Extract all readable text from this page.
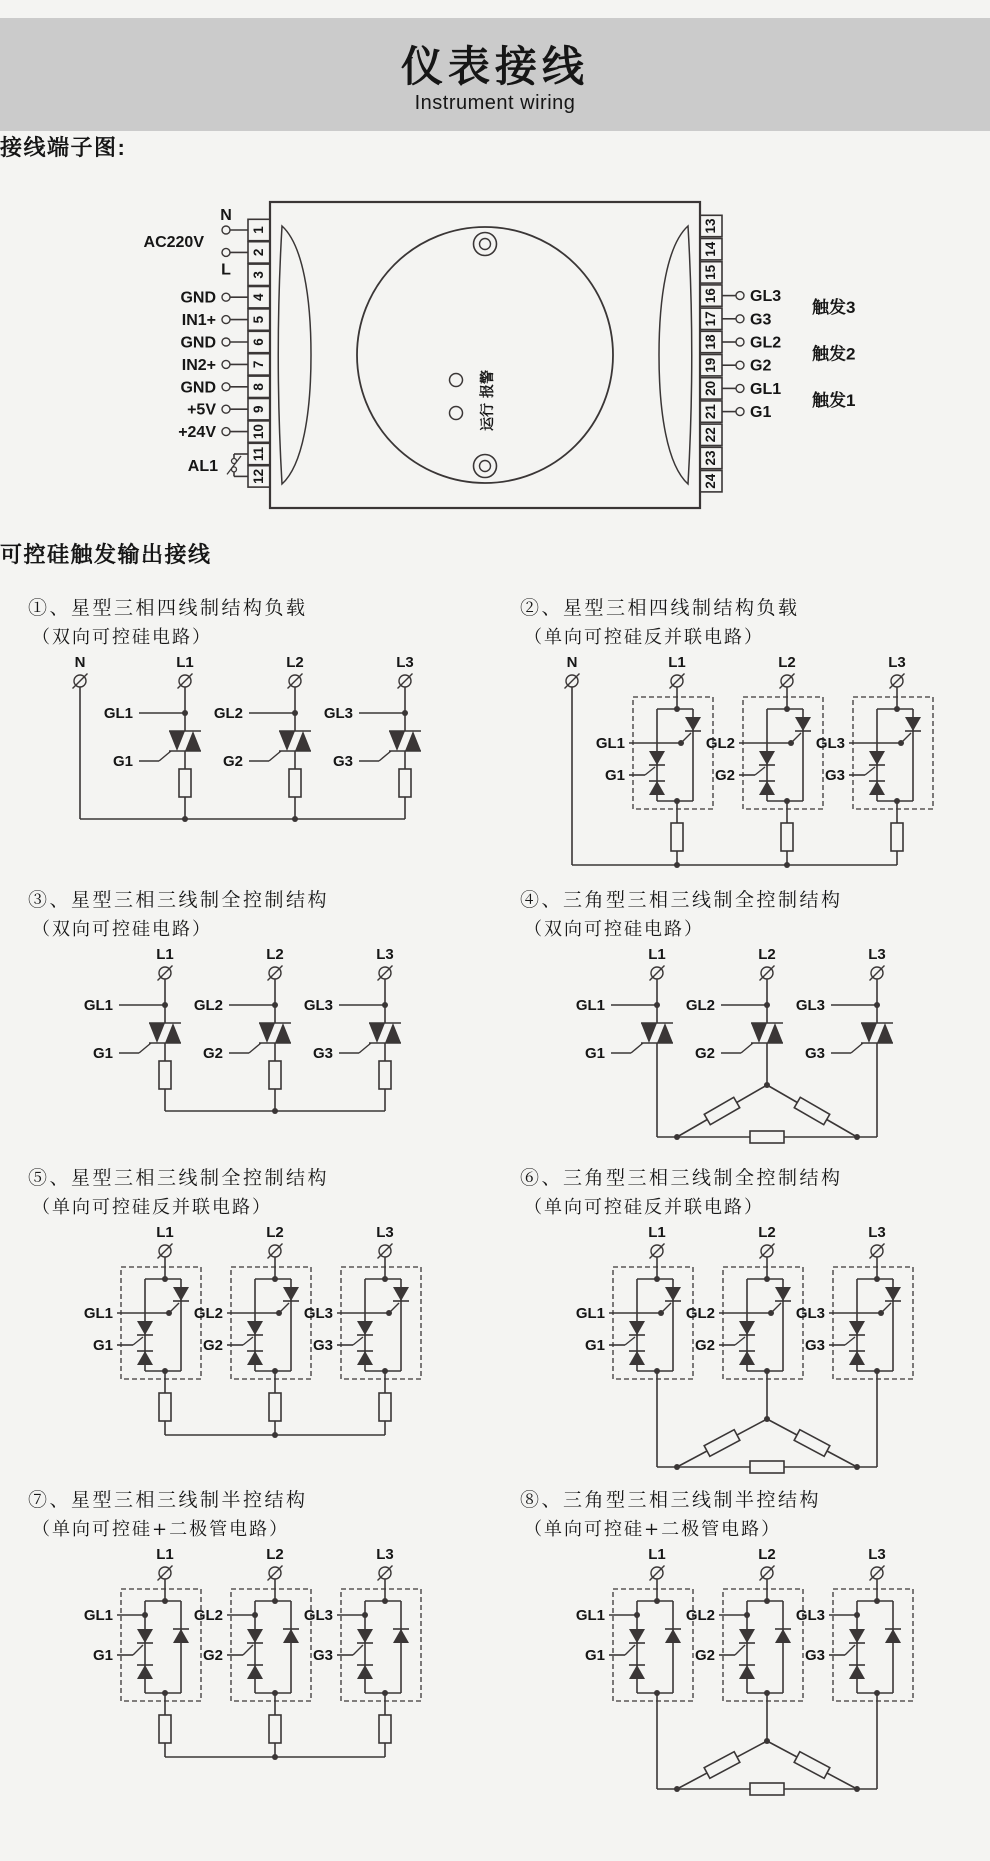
仪表接线
Instrument wiring
接线端子图:
报警
运行
1
N
2
L 3
4
GND
5
IN1+
6
GND
7
IN2+
8
GND
9
+5V
10
+24V
11
12
AC220V
AL1
13
14
15
16 GL3
17 G3
18 GL2
19 G2
20 GL1
21 G1
22
23
24
触发3
触发2
触发1
可控硅触发输出接线
①、星型三相四线制结构负载
（双向可控硅电路）
N	L1	L2	L3
GL1
G1
GL2
G2
GL3
G3
②、星型三相四线制结构负载
（单向可控硅反并联电路）
N	L1	L2	L3
GL1
G1
GL2
G2
GL3
G3
③、星型三相三线制全控制结构
（双向可控硅电路）
L1	L2	L3
GL1
G1
GL2
G2
GL3
G3
④、三角型三相三线制全控制结构
（双向可控硅电路）
L1	L2	L3
GL1
G1
GL2
G2
GL3
G3
⑤、星型三相三线制全控制结构
（单向可控硅反并联电路）
L1	L2	L3
GL1
G1
GL2
G2
GL3
G3
⑥、三角型三相三线制全控制结构
（单向可控硅反并联电路）
L1	L2	L3
GL1
G1
GL2
G2
GL3
G3
⑦、星型三相三线制半控结构
（单向可控硅+二极管电路）
L1	L2	L3
GL1
G1
GL2
G2
GL3
G3
⑧、三角型三相三线制半控结构
（单向可控硅+二极管电路）
L1	L2	L3
GL1
G1
GL2
G2
GL3
G3
